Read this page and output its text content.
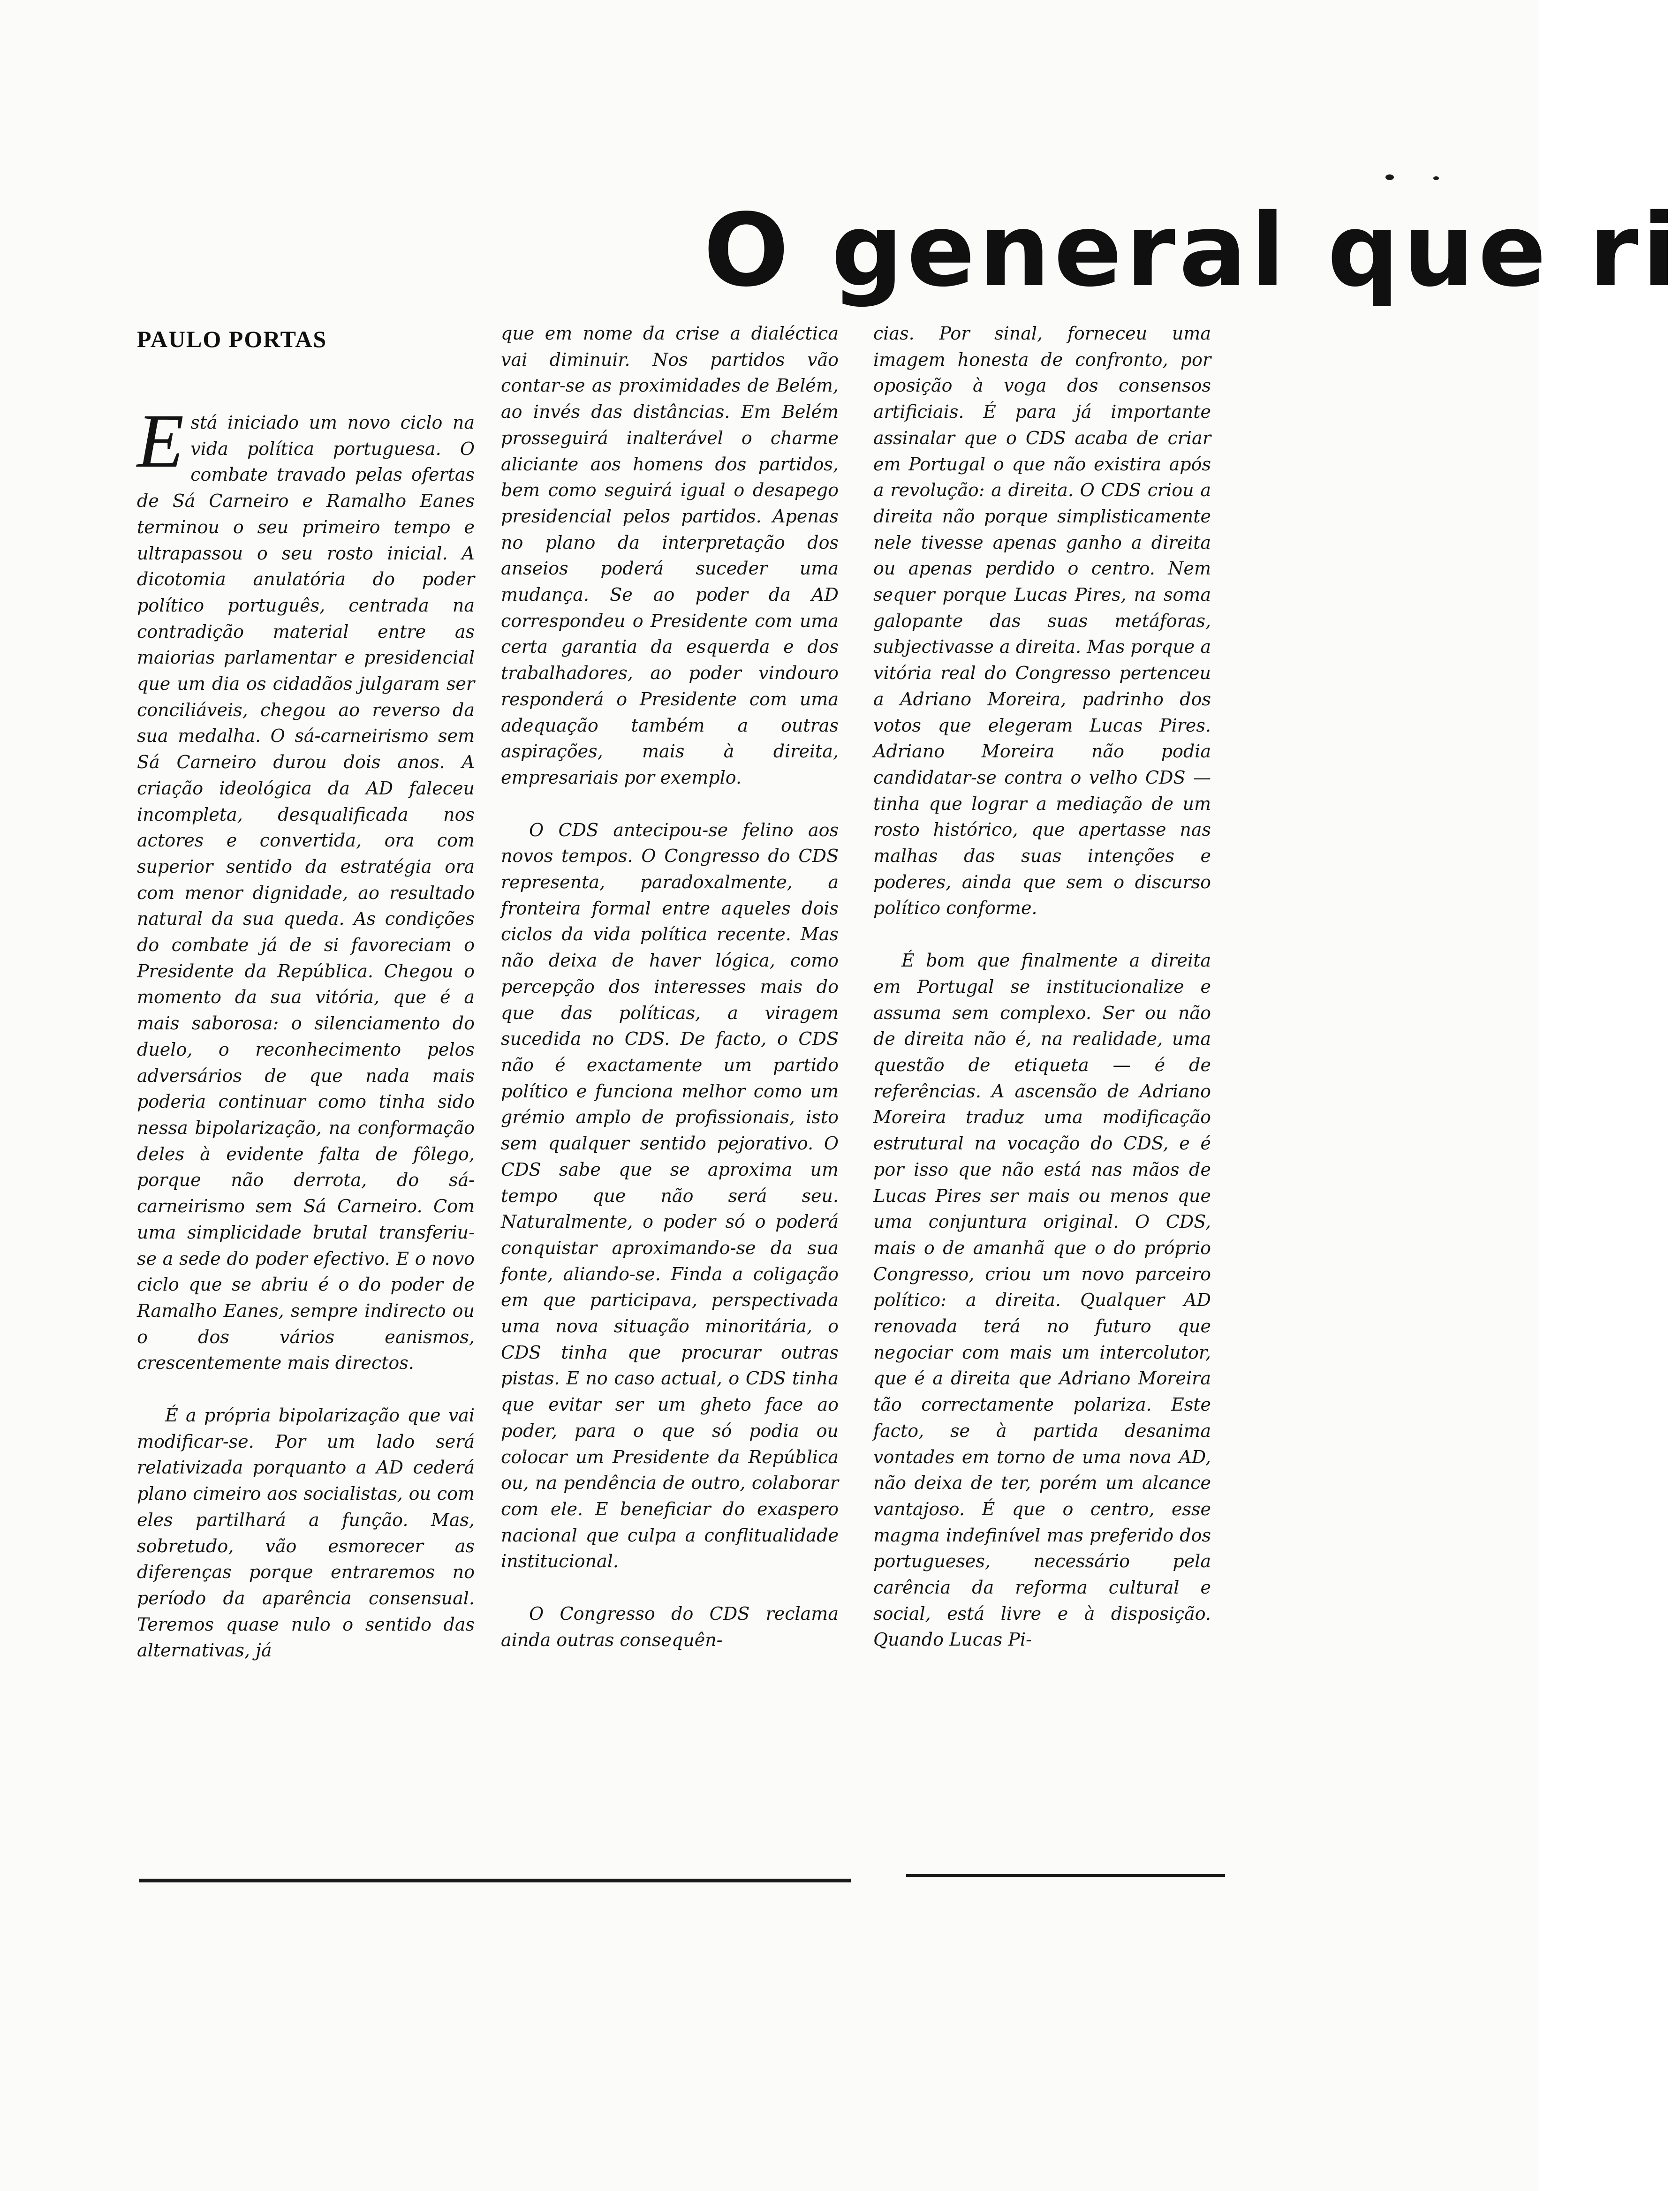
O general que ri
PAULO PORTAS

Está iniciado um novo ciclo na vida política portuguesa. O combate travado pelas ofertas de Sá Carneiro e Ramalho Eanes terminou o seu primeiro tempo e ultrapassou o seu rosto inicial. A dicotomia anulatória do poder político português, centrada na contradição material entre as maiorias parlamentar e presidencial que um dia os cidadãos julgaram ser conciliáveis, chegou ao reverso da sua medalha. O sá-carneirismo sem Sá Carneiro durou dois anos. A criação ideológica da AD faleceu incompleta, desqualificada nos actores e convertida, ora com superior sentido da estratégia ora com menor dignidade, ao resultado natural da sua queda. As condições do combate já de si favoreciam o Presidente da República. Chegou o momento da sua vitória, que é a mais saborosa: o silenciamento do duelo, o reconhecimento pelos adversários de que nada mais poderia continuar como tinha sido nessa bipolarização, na conformação deles à evidente falta de fôlego, porque não derrota, do sá-carneirismo sem Sá Carneiro. Com uma simplicidade brutal transferiu-se a sede do poder efectivo. E o novo ciclo que se abriu é o do poder de Ramalho Eanes, sempre indirecto ou o dos vários eanismos, crescentemente mais directos.

É a própria bipolarização que vai modificar-se. Por um lado será relativizada porquanto a AD cederá plano cimeiro aos socialistas, ou com eles partilhará a função. Mas, sobretudo, vão esmorecer as diferenças porque entraremos no período da aparência consensual. Teremos quase nulo o sentido das alternativas, já

que em nome da crise a dialéctica vai diminuir. Nos partidos vão contar-se as proximidades de Belém, ao invés das distâncias. Em Belém prosseguirá inalterável o charme aliciante aos homens dos partidos, bem como seguirá igual o desapego presidencial pelos partidos. Apenas no plano da interpretação dos anseios poderá suceder uma mudança. Se ao poder da AD correspondeu o Presidente com uma certa garantia da esquerda e dos trabalhadores, ao poder vindouro responderá o Presidente com uma adequação também a outras aspirações, mais à direita, empresariais por exemplo.

O CDS antecipou-se felino aos novos tempos. O Congresso do CDS representa, paradoxalmente, a fronteira formal entre aqueles dois ciclos da vida política recente. Mas não deixa de haver lógica, como percepção dos interesses mais do que das políticas, a viragem sucedida no CDS. De facto, o CDS não é exactamente um partido político e funciona melhor como um grémio amplo de profissionais, isto sem qualquer sentido pejorativo. O CDS sabe que se aproxima um tempo que não será seu. Naturalmente, o poder só o poderá conquistar aproximando-se da sua fonte, aliando-se. Finda a coligação em que participava, perspectivada uma nova situação minoritária, o CDS tinha que procurar outras pistas. E no caso actual, o CDS tinha que evitar ser um gheto face ao poder, para o que só podia ou colocar um Presidente da República ou, na pendência de outro, colaborar com ele. E beneficiar do exaspero nacional que culpa a conflitualidade institucional.

O Congresso do CDS reclama ainda outras consequên-

cias. Por sinal, forneceu uma imagem honesta de confronto, por oposição à voga dos consensos artificiais. É para já importante assinalar que o CDS acaba de criar em Portugal o que não existira após a revolução: a direita. O CDS criou a direita não porque simplisticamente nele tivesse apenas ganho a direita ou apenas perdido o centro. Nem sequer porque Lucas Pires, na soma galopante das suas metáforas, subjectivasse a direita. Mas porque a vitória real do Congresso pertenceu a Adriano Moreira, padrinho dos votos que elegeram Lucas Pires. Adriano Moreira não podia candidatar-se contra o velho CDS — tinha que lograr a mediação de um rosto histórico, que apertasse nas malhas das suas intenções e poderes, ainda que sem o discurso político conforme.

É bom que finalmente a direita em Portugal se institucionalize e assuma sem complexo. Ser ou não de direita não é, na realidade, uma questão de etiqueta — é de referências. A ascensão de Adriano Moreira traduz uma modificação estrutural na vocação do CDS, e é por isso que não está nas mãos de Lucas Pires ser mais ou menos que uma conjuntura original. O CDS, mais o de amanhã que o do próprio Congresso, criou um novo parceiro político: a direita. Qualquer AD renovada terá no futuro que negociar com mais um intercolutor, que é a direita que Adriano Moreira tão correctamente polariza. Este facto, se à partida desanima vontades em torno de uma nova AD, não deixa de ter, porém um alcance vantajoso. É que o centro, esse magma indefinível mas preferido dos portugueses, necessário pela carência da reforma cultural e social, está livre e à disposição. Quando Lucas Pi-
